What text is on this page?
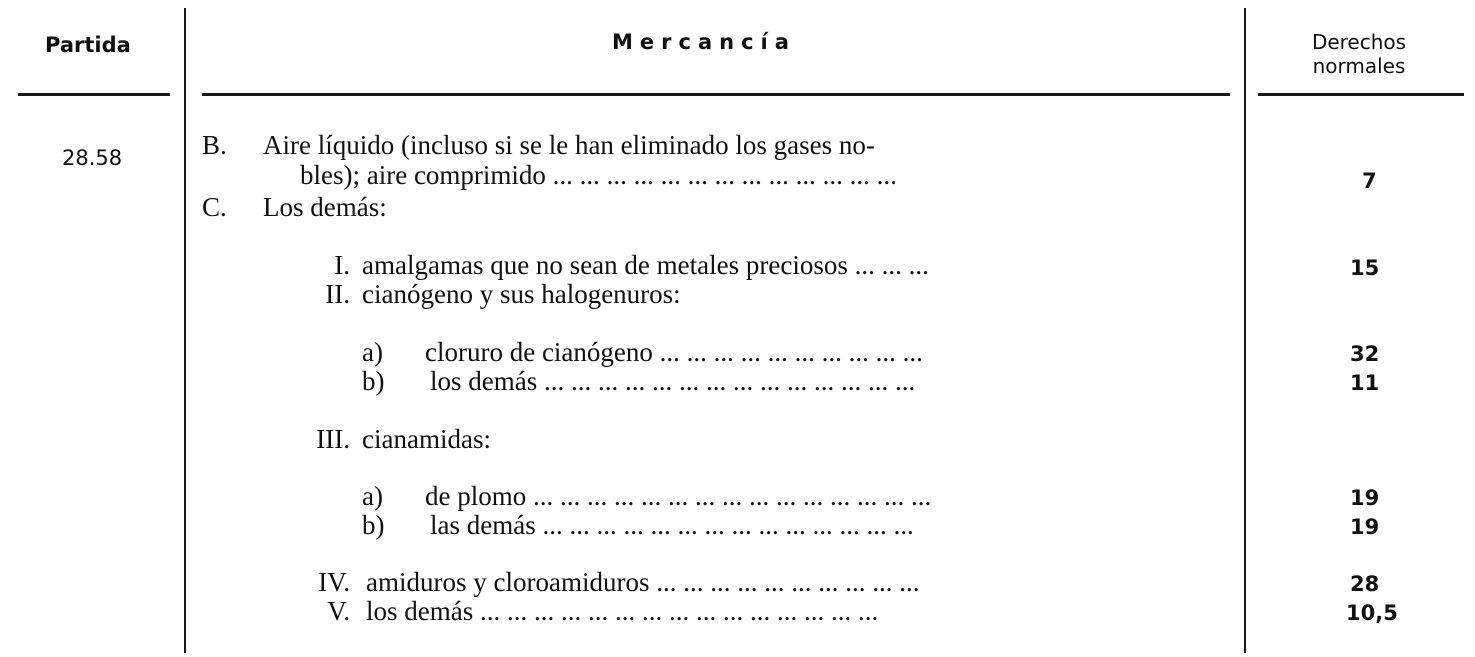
Partida	Mercancía	Derechos
normales
28.58	B. Aire líquido (incluso si se le han eliminado los gases no-
bles); aire comprimido ... ... ... ... ... ... ... ... ... ... ... ... ...	7
C. Los demás:
I. amalgamas que no sean de metales preciosos ... ... ...	15
II. cianógeno y sus halogenuros:
a) cloruro de cianógeno ... ... ... ... ... ... ... ... ... ...	32
b) los demás ... ... ... ... ... ... ... ... ... ... ... ... ... ...	11
III. cianamidas:
a) de plomo ... ... ... ... ... ... ... ... ... ... ... ... ... ... ...	19
b) las demás ... ... ... ... ... ... ... ... ... ... ... ... ... ...	19
IV. amiduros y cloroamiduros ... ... ... ... ... ... ... ... ... ...	28
V. los demás ... ... ... ... ... ... ... ... ... ... ... ... ... ... ...	10,5
